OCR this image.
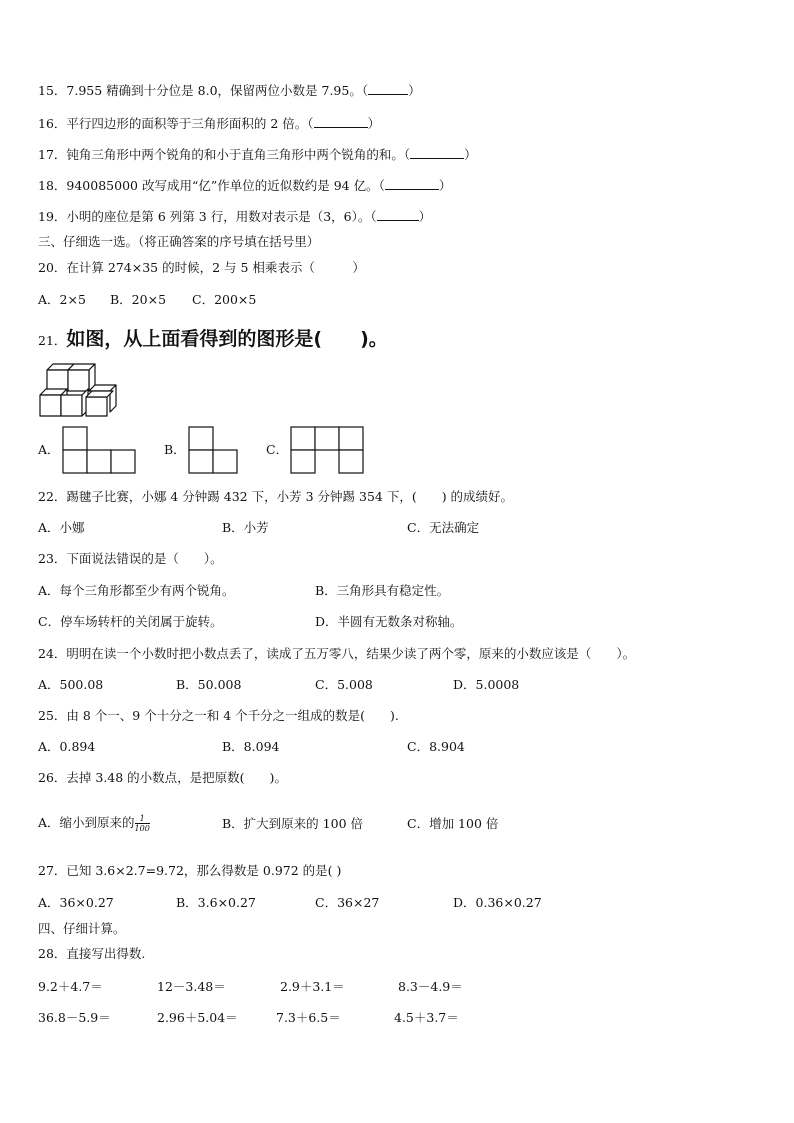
15．7.955 精确到十分位是 8.0，保留两位小数是 7.95。（	）
16．平行四边形的面积等于三角形面积的 2 倍。（	）
17．钝角三角形中两个锐角的和小于直角三角形中两个锐角的和。（	）
18．940085000 改写成用“亿”作单位的近似数约是 94 亿。（	）
19．小明的座位是第 6 列第 3 行，用数对表示是（3，6）。（	）
三、仔细选一选。（将正确答案的序号填在括号里）
20．在计算 274×35 的时候，2 与 5 相乘表示（　　　）
A．2×5 B．20×5 C．200×5
21．如图，从上面看得到的图形是(　　)。
A．	B．	C．
22．踢毽子比赛，小娜 4 分钟踢 432 下，小芳 3 分钟踢 354 下，(　　) 的成绩好。
A．小娜	B．小芳	C．无法确定
23．下面说法错误的是（　　）。
A．每个三角形都至少有两个锐角。	B．三角形具有稳定性。
C．停车场转杆的关闭属于旋转。	D．半圆有无数条对称轴。
24．明明在读一个小数时把小数点丢了，读成了五万零八，结果少读了两个零，原来的小数应该是（　　）。
A．500.08	B．50.008	C．5.008	D．5.0008
25．由 8 个一、9 个十分之一和 4 个千分之一组成的数是(　　).
A．0.894	B．8.094	C．8.904
26．去掉 3.48 的小数点，是把原数(　　)。
A．缩小到原来的 $\frac{1}{100}$	B．扩大到原来的 100 倍	C．增加 100 倍
27．已知 3.6×2.7=9.72，那么得数是 0.972 的是( )
A．36×0.27	B．3.6×0.27	C．36×27	D．0.36×0.27
四、仔细计算。
28．直接写出得数.
9.2＋4.7＝	12－3.48＝	2.9＋3.1＝	8.3－4.9＝
36.8－5.9＝	2.96＋5.04＝	7.3＋6.5＝	4.5＋3.7＝
